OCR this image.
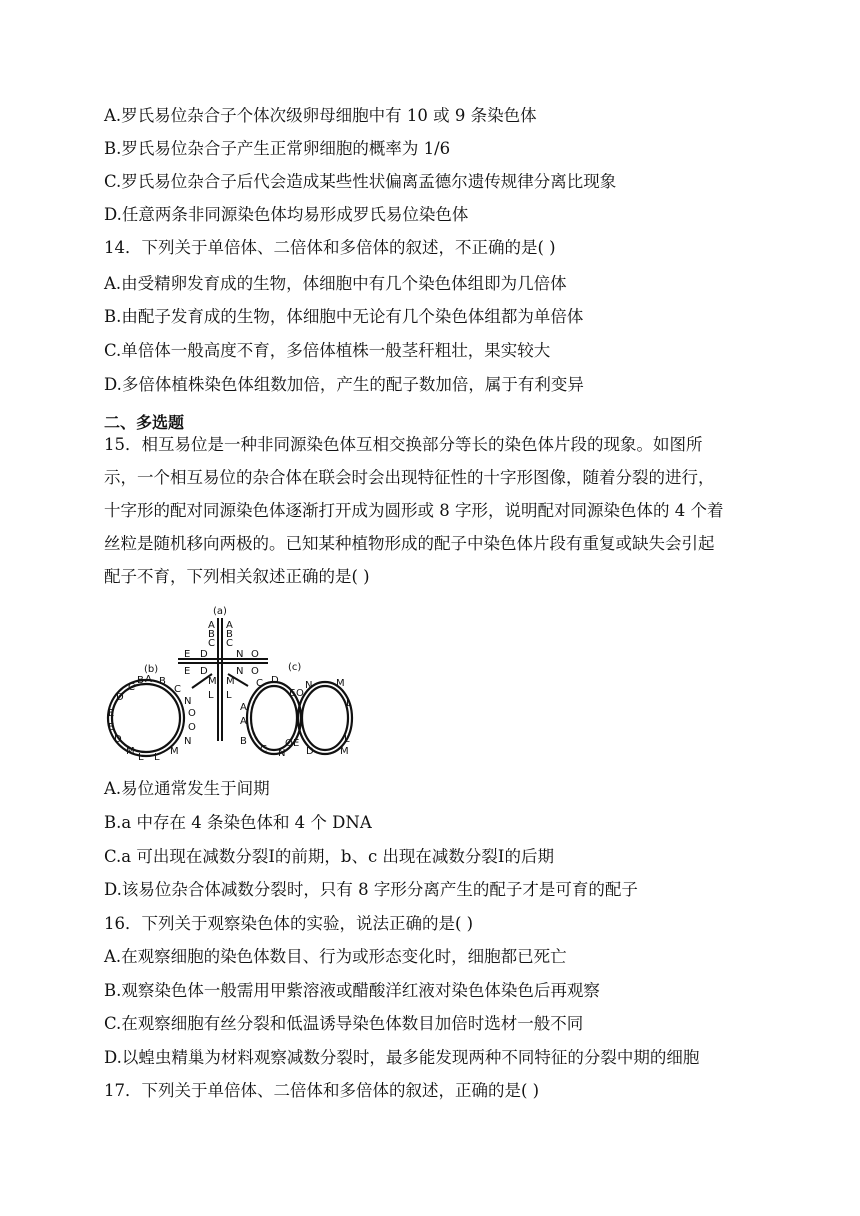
A.罗氏易位杂合子个体次级卵母细胞中有 10 或 9 条染色体
B.罗氏易位杂合子产生正常卵细胞的概率为 1/6
C.罗氏易位杂合子后代会造成某些性状偏离孟德尔遗传规律分离比现象
D.任意两条非同源染色体均易形成罗氏易位染色体
14．下列关于单倍体、二倍体和多倍体的叙述，不正确的是( )
A.由受精卵发育成的生物，体细胞中有几个染色体组即为几倍体
B.由配子发育成的生物，体细胞中无论有几个染色体组都为单倍体
C.单倍体一般高度不育，多倍体植株一般茎秆粗壮，果实较大
D.多倍体植株染色体组数加倍，产生的配子数加倍，属于有利变异
二、多选题
15．相互易位是一种非同源染色体互相交换部分等长的染色体片段的现象。如图所
示，一个相互易位的杂合体在联会时会出现特征性的十字形图像，随着分裂的进行，
十字形的配对同源染色体逐渐打开成为圆形或 8 字形，说明配对同源染色体的 4 个着
丝粒是随机移向两极的。已知某种植物形成的配子中染色体片段有重复或缺失会引起
配子不育，下列相关叙述正确的是( )
(a)
(b)	(c)
A
B
C
A
B
C
E D	N O
E D	N O
M
L
M
L
C
B A B
C
D
E
E
D
N
O
O
N
M
L L
M
C D
E O
N M
L
A
A
B
C
O E
N D
L
M
A.易位通常发生于间期
B.a 中存在 4 条染色体和 4 个 DNA
C.a 可出现在减数分裂Ⅰ的前期，b、c 出现在减数分裂Ⅰ的后期
D.该易位杂合体减数分裂时，只有 8 字形分离产生的配子才是可育的配子
16．下列关于观察染色体的实验，说法正确的是( )
A.在观察细胞的染色体数目、行为或形态变化时，细胞都已死亡
B.观察染色体一般需用甲紫溶液或醋酸洋红液对染色体染色后再观察
C.在观察细胞有丝分裂和低温诱导染色体数目加倍时选材一般不同
D.以蝗虫精巢为材料观察减数分裂时，最多能发现两种不同特征的分裂中期的细胞
17．下列关于单倍体、二倍体和多倍体的叙述，正确的是( )
